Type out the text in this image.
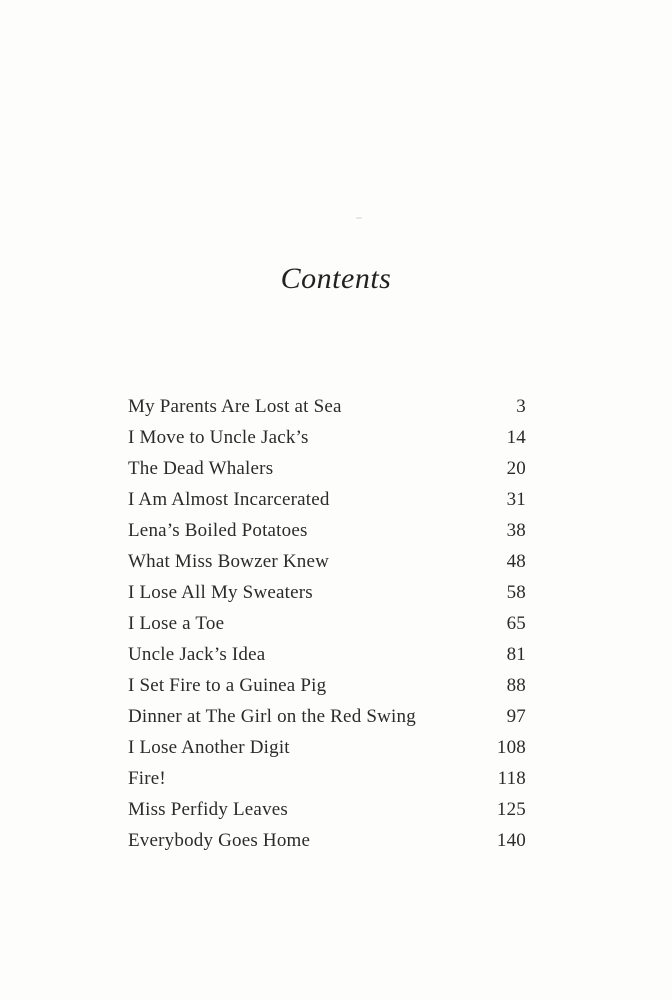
Contents
My Parents Are Lost at Sea	3
I Move to Uncle Jack’s	14
The Dead Whalers	20
I Am Almost Incarcerated	31
Lena’s Boiled Potatoes	38
What Miss Bowzer Knew	48
I Lose All My Sweaters	58
I Lose a Toe	65
Uncle Jack’s Idea	81
I Set Fire to a Guinea Pig	88
Dinner at The Girl on the Red Swing	97
I Lose Another Digit	108
Fire!	118
Miss Perfidy Leaves	125
Everybody Goes Home	140
